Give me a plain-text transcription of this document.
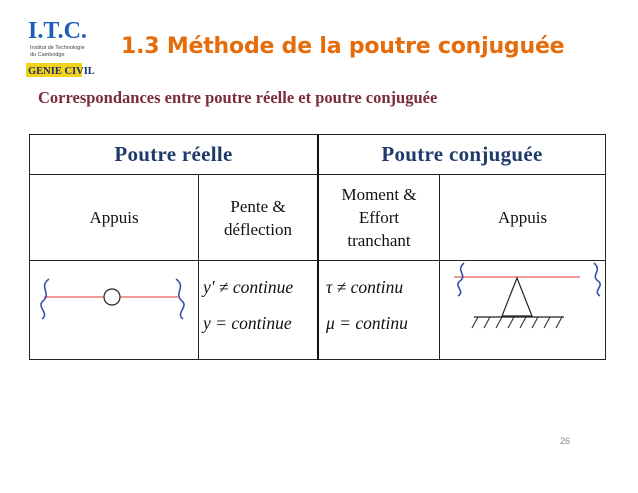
I.T.C.
Institut de Technologie
du Cambodge
GENIE CIVIL
1.3 Méthode de la poutre conjuguée
Correspondances entre poutre réelle et poutre conjuguée
Poutre réelle	Poutre conjuguée
Appuis
Pente &
déflection
Moment &
Effort
tranchant
Appuis
y' ≠ continue
y = continue
τ ≠ continu
μ = continu
26
